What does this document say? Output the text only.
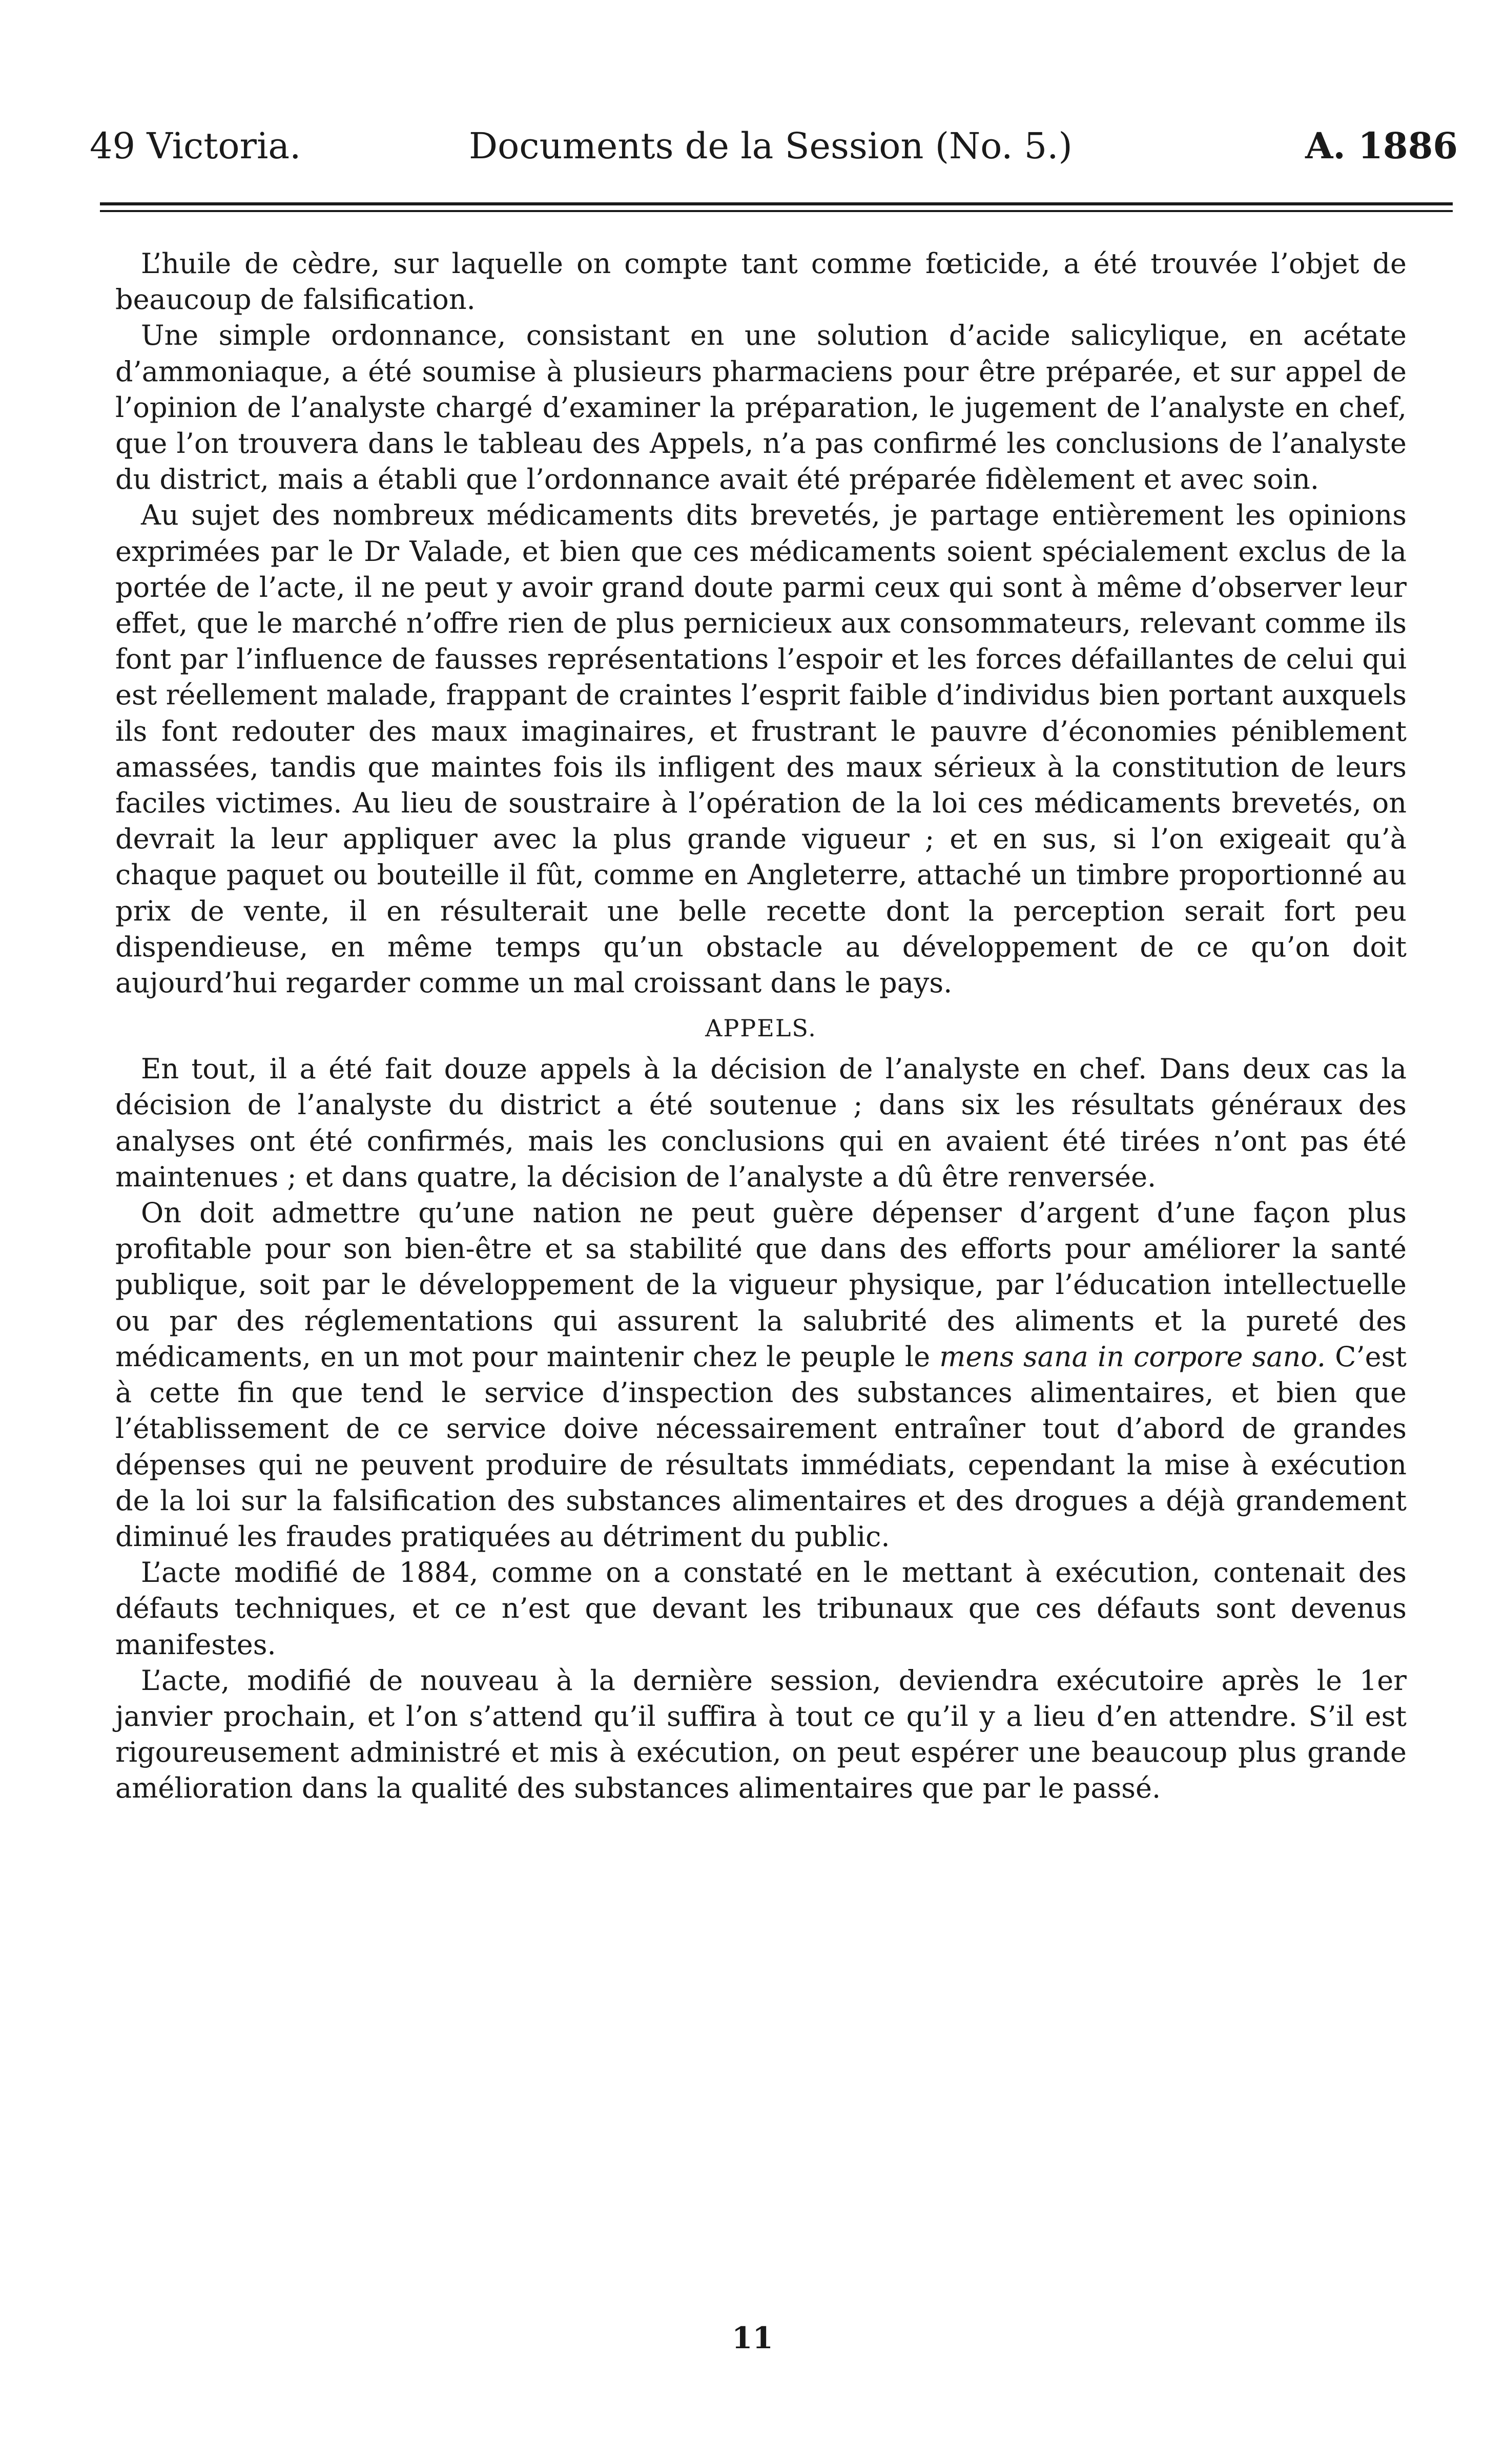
49 Victoria.	Documents de la Session (No. 5.)	A. 1886

L’huile de cèdre, sur laquelle on compte tant comme fœticide, a été trouvée l’objet de beaucoup de falsification.

Une simple ordonnance, consistant en une solution d’acide salicylique, en acétate d’ammoniaque, a été soumise à plusieurs pharmaciens pour être préparée, et sur appel de l’opinion de l’analyste chargé d’examiner la préparation, le jugement de l’analyste en chef, que l’on trouvera dans le tableau des Appels, n’a pas confirmé les conclusions de l’analyste du district, mais a établi que l’ordonnance avait été préparée fidèlement et avec soin.

Au sujet des nombreux médicaments dits brevetés, je partage entièrement les opinions exprimées par le Dr Valade, et bien que ces médicaments soient spécialement exclus de la portée de l’acte, il ne peut y avoir grand doute parmi ceux qui sont à même d’observer leur effet, que le marché n’offre rien de plus pernicieux aux consommateurs, relevant comme ils font par l’influence de fausses représentations l’espoir et les forces défaillantes de celui qui est réellement malade, frappant de craintes l’esprit faible d’individus bien portant auxquels ils font redouter des maux imaginaires, et frustrant le pauvre d’économies péniblement amassées, tandis que maintes fois ils infligent des maux sérieux à la constitution de leurs faciles victimes. Au lieu de soustraire à l’opération de la loi ces médicaments brevetés, on devrait la leur appliquer avec la plus grande vigueur ; et en sus, si l’on exigeait qu’à chaque paquet ou bouteille il fût, comme en Angleterre, attaché un timbre proportionné au prix de vente, il en résulterait une belle recette dont la perception serait fort peu dispendieuse, en même temps qu’un obstacle au développement de ce qu’on doit aujourd’hui regarder comme un mal croissant dans le pays.

APPELS.

En tout, il a été fait douze appels à la décision de l’analyste en chef. Dans deux cas la décision de l’analyste du district a été soutenue ; dans six les résultats généraux des analyses ont été confirmés, mais les conclusions qui en avaient été tirées n’ont pas été maintenues ; et dans quatre, la décision de l’analyste a dû être renversée.

On doit admettre qu’une nation ne peut guère dépenser d’argent d’une façon plus profitable pour son bien-être et sa stabilité que dans des efforts pour améliorer la santé publique, soit par le développement de la vigueur physique, par l’éducation intellectuelle ou par des réglementations qui assurent la salubrité des aliments et la pureté des médicaments, en un mot pour maintenir chez le peuple le mens sana in corpore sano. C’est à cette fin que tend le service d’inspection des substances alimentaires, et bien que l’établissement de ce service doive nécessairement entraîner tout d’abord de grandes dépenses qui ne peuvent produire de résultats immédiats, cependant la mise à exécution de la loi sur la falsification des substances alimentaires et des drogues a déjà grandement diminué les fraudes pratiquées au détriment du public.

L’acte modifié de 1884, comme on a constaté en le mettant à exécution, contenait des défauts techniques, et ce n’est que devant les tribunaux que ces défauts sont devenus manifestes.

L’acte, modifié de nouveau à la dernière session, deviendra exécutoire après le 1er janvier prochain, et l’on s’attend qu’il suffira à tout ce qu’il y a lieu d’en attendre. S’il est rigoureusement administré et mis à exécution, on peut espérer une beaucoup plus grande amélioration dans la qualité des substances alimentaires que par le passé.

11
